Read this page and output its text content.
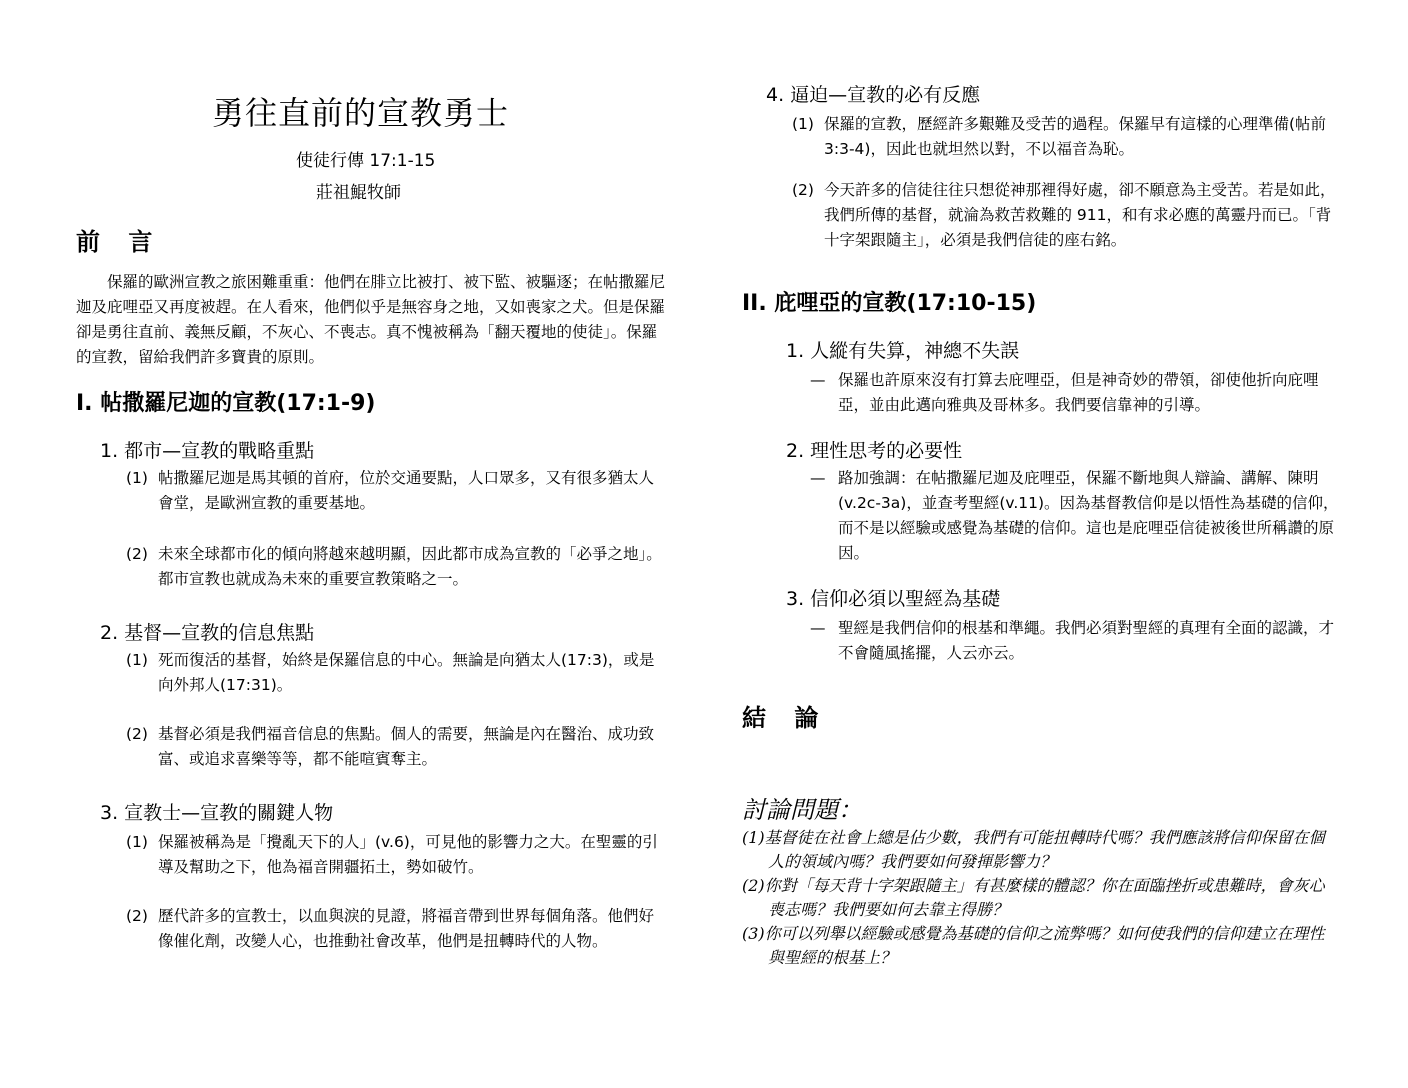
勇往直前的宣教勇士
使徒行傳 17:1-15
莊祖鯤牧師
前 言
保羅的歐洲宣教之旅困難重重：他們在腓立比被打、被下監、被驅逐；在帖撒羅尼迦及庇哩亞又再度被趕。在人看來，他們似乎是無容身之地，又如喪家之犬。但是保羅卻是勇往直前、義無反顧，不灰心、不喪志。真不愧被稱為「翻天覆地的使徒」。保羅的宣教，留給我們許多寶貴的原則。
I. 帖撒羅尼迦的宣教(17:1-9)
1. 都市—宣教的戰略重點
(1) 帖撒羅尼迦是馬其頓的首府，位於交通要點，人口眾多，又有很多猶太人會堂，是歐洲宣教的重要基地。
(2) 未來全球都市化的傾向將越來越明顯，因此都市成為宣教的「必爭之地」。都市宣教也就成為未來的重要宣教策略之一。
2. 基督—宣教的信息焦點
(1) 死而復活的基督，始終是保羅信息的中心。無論是向猶太人(17:3)，或是向外邦人(17:31)。
(2) 基督必須是我們福音信息的焦點。個人的需要，無論是內在醫治、成功致富、或追求喜樂等等，都不能喧賓奪主。
3. 宣教士—宣教的關鍵人物
(1) 保羅被稱為是「攪亂天下的人」(v.6)，可見他的影響力之大。在聖靈的引導及幫助之下，他為福音開疆拓土，勢如破竹。
(2) 歷代許多的宣教士，以血與淚的見證，將福音帶到世界每個角落。他們好像催化劑，改變人心，也推動社會改革，他們是扭轉時代的人物。
4. 逼迫—宣教的必有反應
(1) 保羅的宣教，歷經許多艱難及受苦的過程。保羅早有這樣的心理準備(帖前 3:3-4)，因此也就坦然以對，不以福音為恥。
(2) 今天許多的信徒往往只想從神那裡得好處，卻不願意為主受苦。若是如此，我們所傳的基督，就淪為救苦救難的 911，和有求必應的萬靈丹而已。「背十字架跟隨主」，必須是我們信徒的座右銘。
II. 庇哩亞的宣教(17:10-15)
1. 人縱有失算，神總不失誤
— 保羅也許原來沒有打算去庇哩亞，但是神奇妙的帶領，卻使他折向庇哩亞，並由此邁向雅典及哥林多。我們要信靠神的引導。
2. 理性思考的必要性
— 路加強調：在帖撒羅尼迦及庇哩亞，保羅不斷地與人辯論、講解、陳明(v.2c-3a)，並查考聖經(v.11)。因為基督教信仰是以悟性為基礎的信仰，而不是以經驗或感覺為基礎的信仰。這也是庇哩亞信徒被後世所稱讚的原因。
3. 信仰必須以聖經為基礎
— 聖經是我們信仰的根基和準繩。我們必須對聖經的真理有全面的認識，才不會隨風搖擺，人云亦云。
結 論
討論問題：
(1)基督徒在社會上總是佔少數，我們有可能扭轉時代嗎？我們應該將信仰保留在個人的領域內嗎？我們要如何發揮影響力？
(2)你對「每天背十字架跟隨主」有甚麼樣的體認？你在面臨挫折或患難時，會灰心喪志嗎？我們要如何去靠主得勝？
(3)你可以列舉以經驗或感覺為基礎的信仰之流弊嗎？如何使我們的信仰建立在理性與聖經的根基上？
